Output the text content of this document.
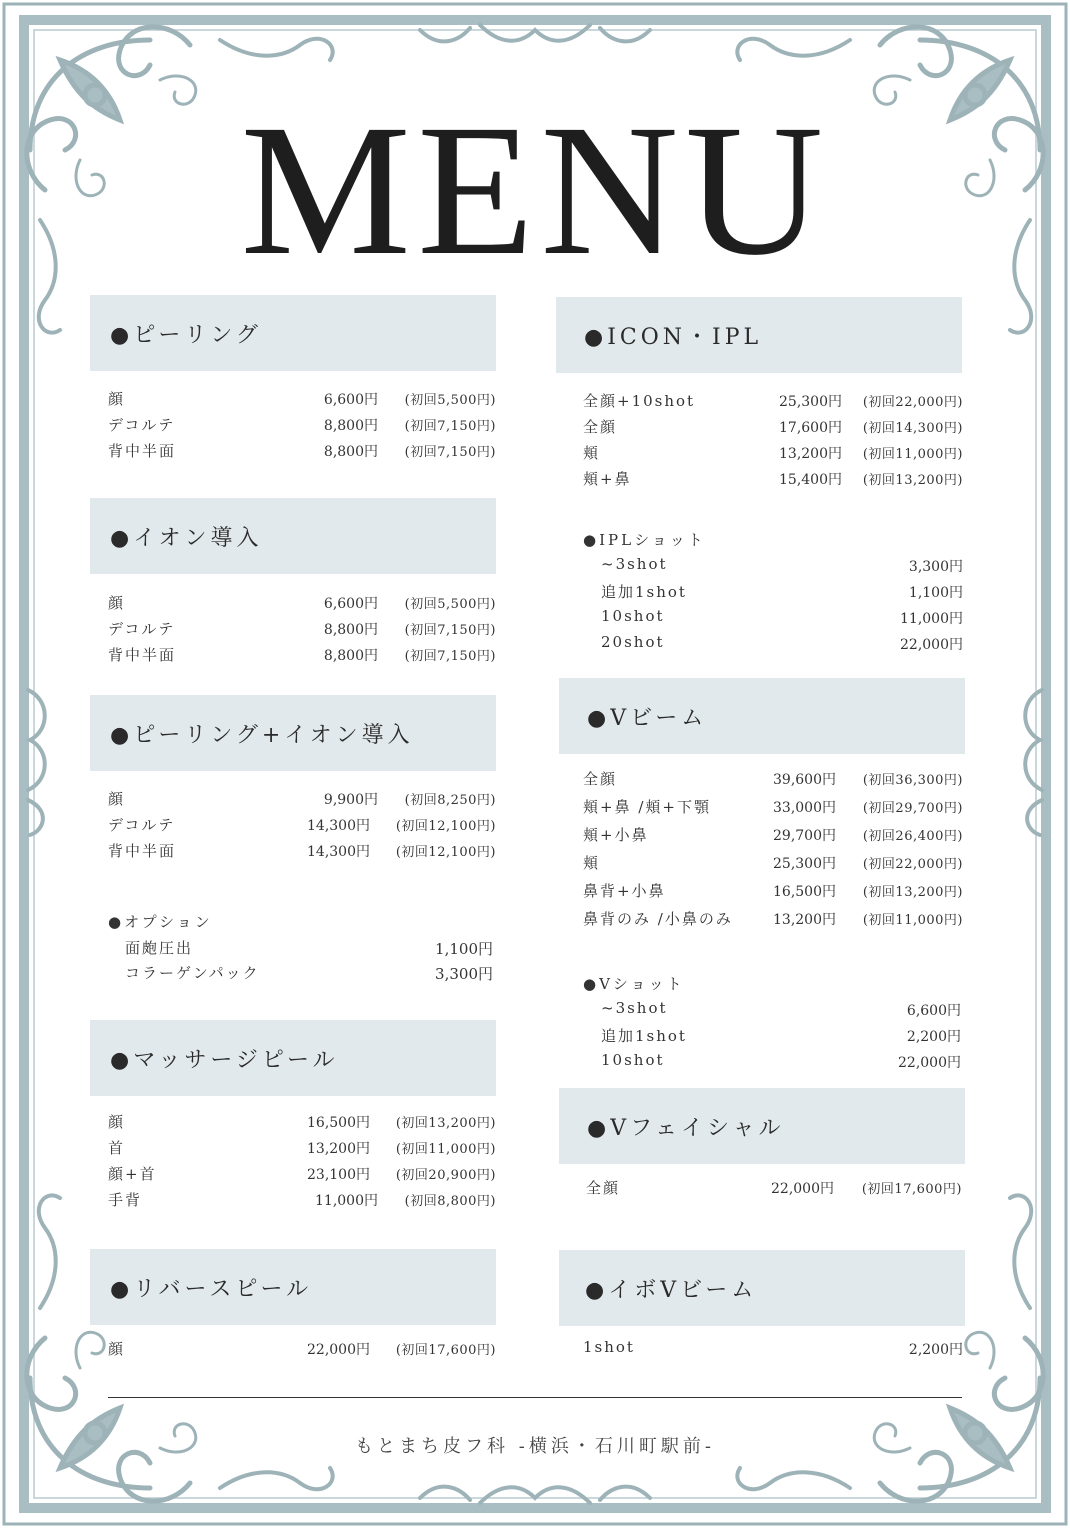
MENU
●ピーリング
顔	6,600円 (初回5,500円)
デコルテ	8,800円 (初回7,150円)
背中半面	8,800円 (初回7,150円)
●イオン導入
顔	6,600円 (初回5,500円)
デコルテ	8,800円 (初回7,150円)
背中半面	8,800円 (初回7,150円)
●ピーリング+イオン導入
顔	9,900円 (初回8,250円)
デコルテ	14,300円 (初回12,100円)
背中半面	14,300円 (初回12,100円)
●オプション
面皰圧出	1,100円
コラーゲンパック	3,300円
●マッサージピール
顔	16,500円 (初回13,200円)
首	13,200円 (初回11,000円)
顔+首	23,100円 (初回20,900円)
手背	11,000円 (初回8,800円)
●リバースピール
顔	22,000円 (初回17,600円)
●ICON・IPL
全顔+10shot	25,300円 (初回22,000円)
全顔	17,600円 (初回14,300円)
頬	13,200円 (初回11,000円)
頬+鼻	15,400円 (初回13,200円)
●IPLショット
~3shot	3,300円
追加1shot	1,100円
10shot	11,000円
20shot	22,000円
●Vビーム
全顔	39,600円 (初回36,300円)
頬+鼻 /頬+下顎	33,000円 (初回29,700円)
頬+小鼻	29,700円 (初回26,400円)
頬	25,300円 (初回22,000円)
鼻背+小鼻	16,500円 (初回13,200円)
鼻背のみ /小鼻のみ	13,200円 (初回11,000円)
●Vショット
~3shot	6,600円
追加1shot	2,200円
10shot	22,000円
●Vフェイシャル
全顔	22,000円 (初回17,600円)
●イボVビーム
1shot	2,200円
もとまち皮フ科 -横浜・石川町駅前-
